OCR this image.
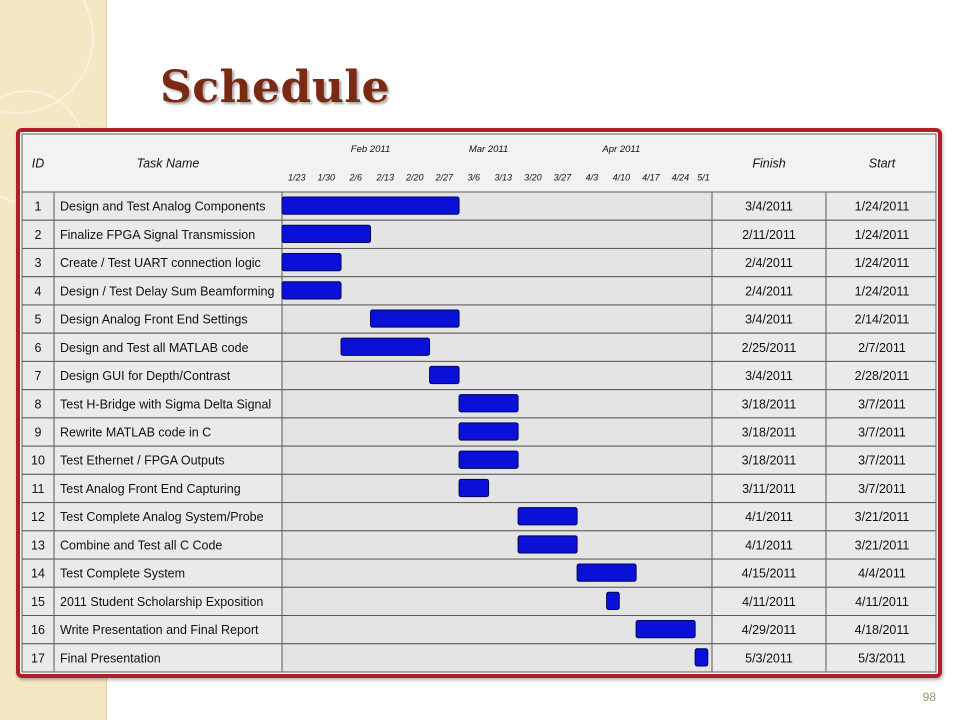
Schedule
1 Design and Test Analog Components	3/4/2011	1/24/2011
2 Finalize FPGA Signal Transmission	2/11/2011	1/24/2011
3 Create / Test UART connection logic	2/4/2011	1/24/2011
4 Design / Test Delay Sum Beamforming	2/4/2011	1/24/2011
5 Design Analog Front End Settings	3/4/2011	2/14/2011
6 Design and Test all MATLAB code	2/25/2011	2/7/2011
7 Design GUI for Depth/Contrast	3/4/2011	2/28/2011
8 Test H-Bridge with Sigma Delta Signal	3/18/2011	3/7/2011
9 Rewrite MATLAB code in C	3/18/2011	3/7/2011
10 Test Ethernet / FPGA Outputs	3/18/2011	3/7/2011
11 Test Analog Front End Capturing	3/11/2011	3/7/2011
12 Test Complete Analog System/Probe	4/1/2011	3/21/2011
13 Combine and Test all C Code	4/1/2011	3/21/2011
14 Test Complete System	4/15/2011	4/4/2011
15 2011 Student Scholarship Exposition	4/11/2011	4/11/2011
16 Write Presentation and Final Report	4/29/2011	4/18/2011
17 Final Presentation	5/3/2011	5/3/2011
ID	Task Name	Finish	Start
1/23 1/30 2/6 2/13 2/20 2/27 3/6 3/13 3/20 3/27 4/3 4/10 4/17 4/24 5/1
Feb 2011	Mar 2011	Apr 2011
98
